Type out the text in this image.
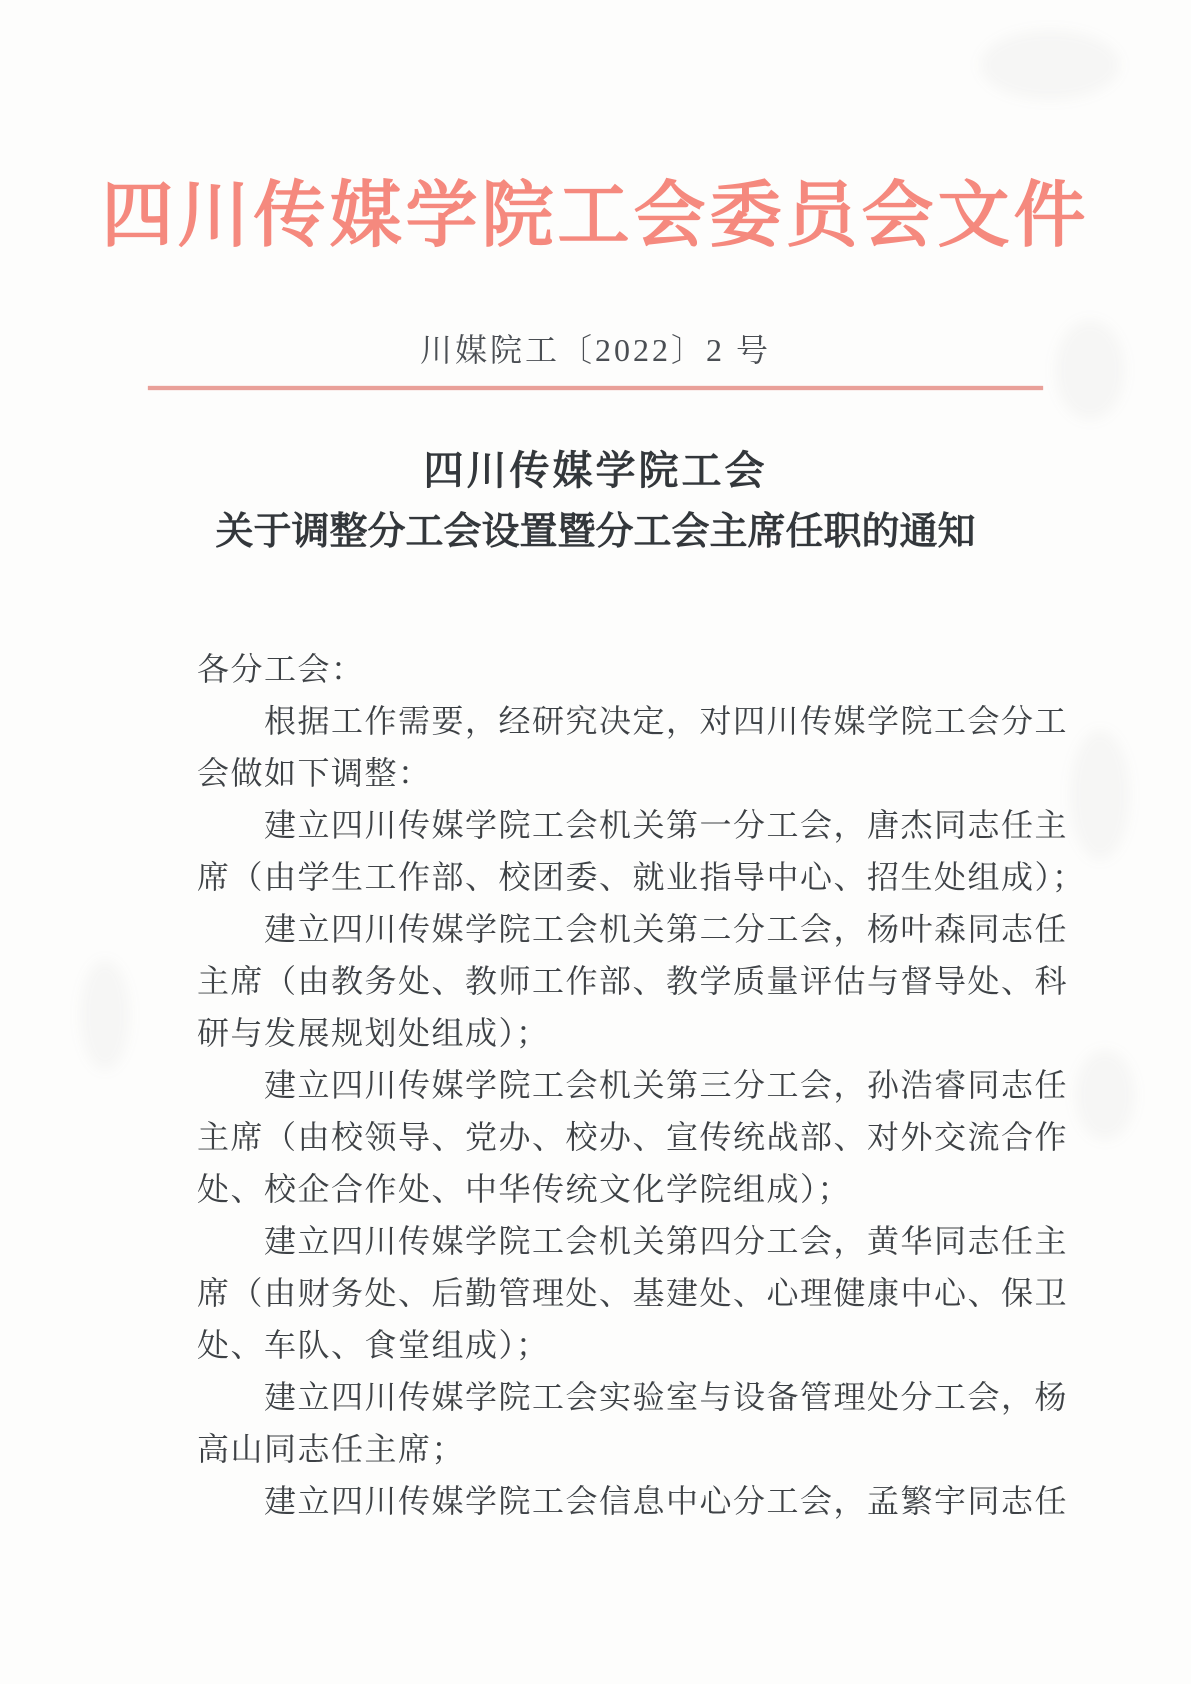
四川传媒学院工会委员会文件
川媒院工〔2022〕2 号
四川传媒学院工会
关于调整分工会设置暨分工会主席任职的通知
各分工会：
根据工作需要，经研究决定，对四川传媒学院工会分工
会做如下调整：
建立四川传媒学院工会机关第一分工会，唐杰同志任主
席（由学生工作部、校团委、就业指导中心、招生处组成）；
建立四川传媒学院工会机关第二分工会，杨叶森同志任
主席（由教务处、教师工作部、教学质量评估与督导处、科
研与发展规划处组成）；
建立四川传媒学院工会机关第三分工会，孙浩睿同志任
主席（由校领导、党办、校办、宣传统战部、对外交流合作
处、校企合作处、中华传统文化学院组成）；
建立四川传媒学院工会机关第四分工会，黄华同志任主
席（由财务处、后勤管理处、基建处、心理健康中心、保卫
处、车队、食堂组成）；
建立四川传媒学院工会实验室与设备管理处分工会，杨
高山同志任主席；
建立四川传媒学院工会信息中心分工会，孟繁宇同志任
